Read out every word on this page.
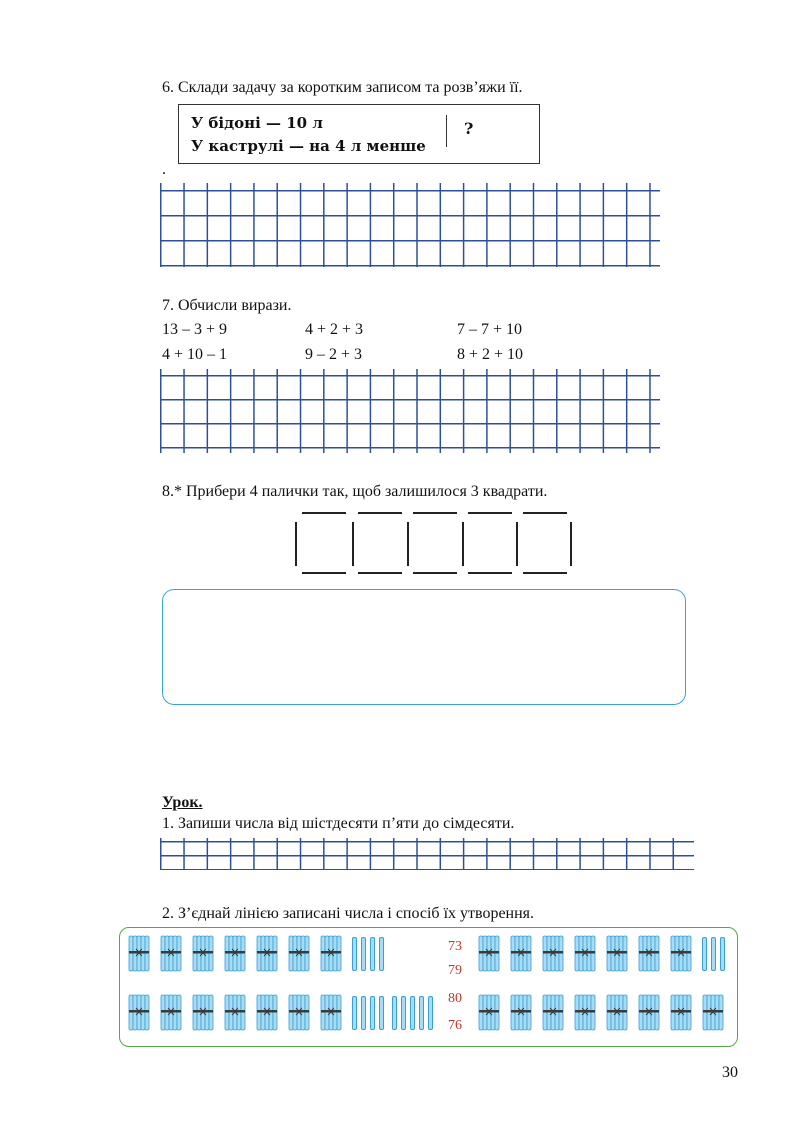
6. Склади задачу за коротким записом та розв’яжи її.
У бідоні — 10 л
У каструлі — на 4 л менше
?
.
7. Обчисли вирази.
13 – 3 + 9	4 + 2 + 3	7 – 7 + 10
4 + 10 – 1	9 – 2 + 3	8 + 2 + 10
8.* Прибери 4 палички так, щоб залишилося 3 квадрати.
Урок.
1. Запиши числа від шістдесяти п’яти до сімдесяти.
2. З’єднай лінією записані числа і спосіб їх утворення.
73
79
80
76
30
